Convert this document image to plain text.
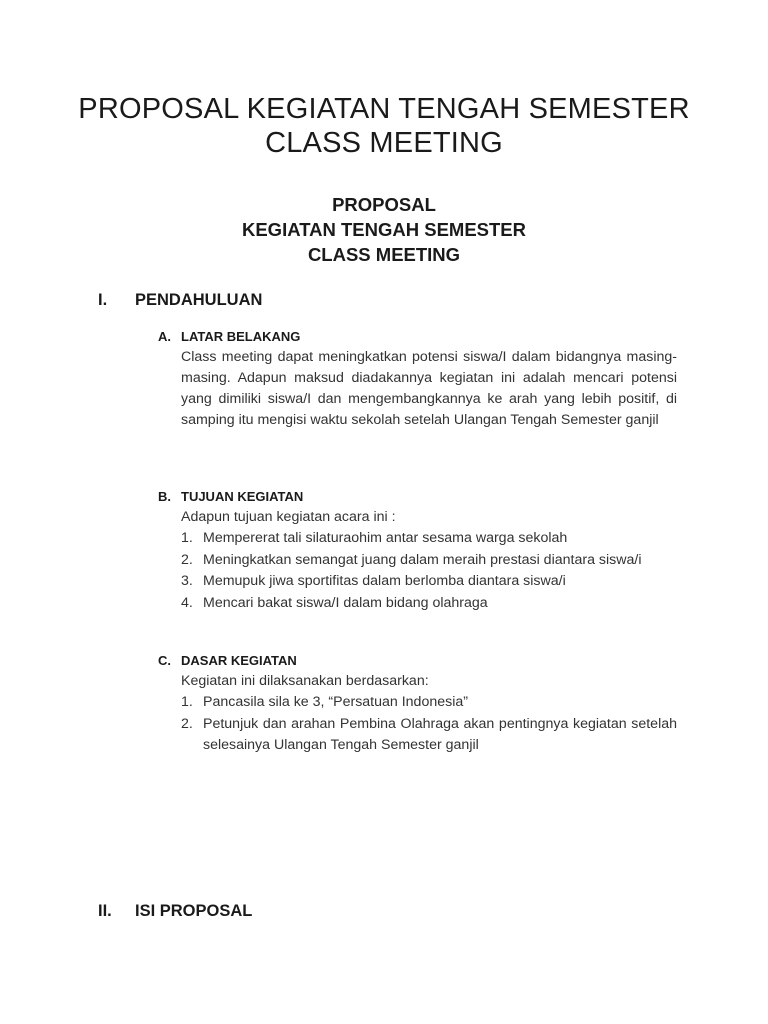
PROPOSAL KEGIATAN TENGAH SEMESTER
CLASS MEETING
PROPOSAL
KEGIATAN TENGAH SEMESTER
CLASS MEETING
I.	PENDAHULUAN
A. LATAR BELAKANG

Class meeting dapat meningkatkan potensi siswa/I dalam bidangnya masing-masing. Adapun maksud diadakannya kegiatan ini adalah mencari potensi yang dimiliki siswa/I dan mengembangkannya ke arah yang lebih positif, di samping itu mengisi waktu sekolah setelah Ulangan Tengah Semester ganjil

B. TUJUAN KEGIATAN
Adapun tujuan kegiatan acara ini :
1. Mempererat tali silaturaohim antar sesama warga sekolah
2. Meningkatkan semangat juang dalam meraih prestasi diantara siswa/i
3. Memupuk jiwa sportifitas dalam berlomba diantara siswa/i
4. Mencari bakat siswa/I dalam bidang olahraga
C. DASAR KEGIATAN
Kegiatan ini dilaksanakan berdasarkan:
1. Pancasila sila ke 3, “Persatuan Indonesia”
2. Petunjuk dan arahan Pembina Olahraga akan pentingnya kegiatan setelah selesainya Ulangan Tengah Semester ganjil
II.	ISI PROPOSAL
